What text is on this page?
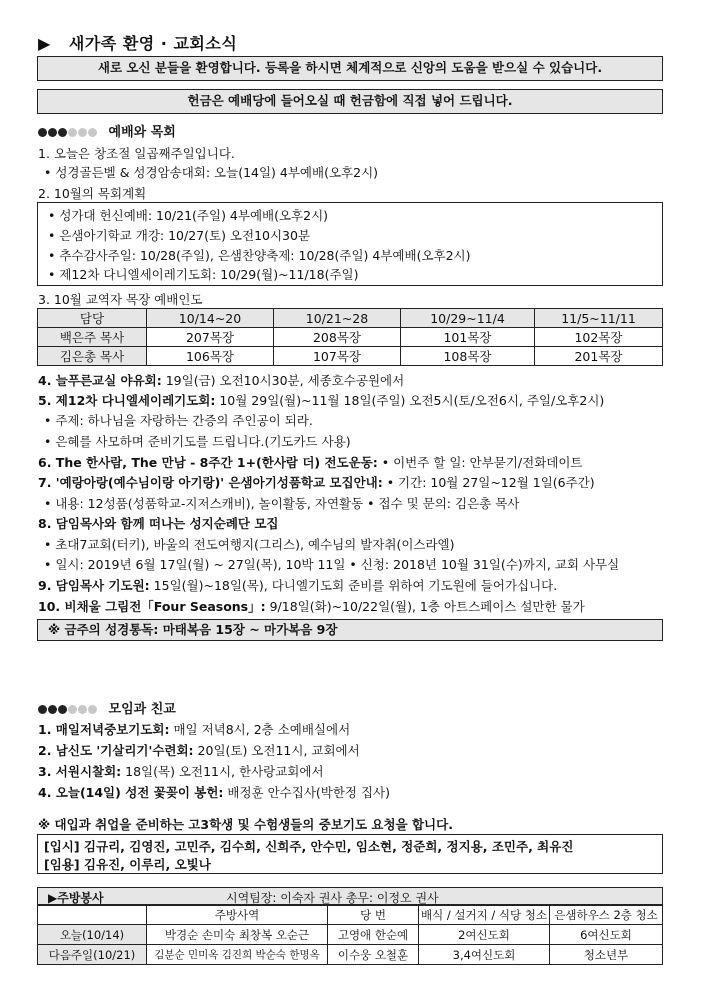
▶ 새가족 환영 · 교회소식
새로 오신 분들을 환영합니다. 등록을 하시면 체계적으로 신앙의 도움을 받으실 수 있습니다.
헌금은 예배당에 들어오실 때 헌금함에 직접 넣어 드립니다.
예배와 목회
1. 오늘은 창조절 일곱째주일입니다.
• 성경골든벨 & 성경암송대회: 오늘(14일) 4부예배(오후2시)
2. 10월의 목회계획
• 성가대 헌신예배: 10/21(주일) 4부예배(오후2시)
• 은샘아기학교 개강: 10/27(토) 오전10시30분
• 추수감사주일: 10/28(주일), 은샘찬양축제: 10/28(주일) 4부예배(오후2시)
• 제12차 다니엘세이레기도회: 10/29(월)~11/18(주일)
3. 10월 교역자 목장 예배인도
담당	10/14~20	10/21~28	10/29~11/4	11/5~11/11
백은주 목사	207목장	208목장	101목장	102목장
김은총 목사	106목장	107목장	108목장	201목장
4. 늘푸른교실 야유회: 19일(금) 오전10시30분, 세종호수공원에서
5. 제12차 다니엘세이레기도회: 10월 29일(월)~11월 18일(주일) 오전5시(토/오전6시, 주일/오후2시)
• 주제: 하나님을 자랑하는 간증의 주인공이 되라.
• 은혜를 사모하며 준비기도를 드립니다.(기도카드 사용)
6. The 한사람, The 만남 - 8주간 1+(한사람 더) 전도운동: • 이번주 할 일: 안부묻기/전화데이트
7. '예랑아랑(예수님이랑 아기랑)' 은샘아기성품학교 모집안내: • 기간: 10월 27일~12월 1일(6주간)
• 내용: 12성품(성품학교-지저스캐비), 놀이활동, 자연활동 • 접수 및 문의: 김은총 목사
8. 담임목사와 함께 떠나는 성지순례단 모집
• 초대7교회(터키), 바울의 전도여행지(그리스), 예수님의 발자취(이스라엘)
• 일시: 2019년 6월 17일(월) ~ 27일(목), 10박 11일 • 신청: 2018년 10월 31일(수)까지, 교회 사무실
9. 담임목사 기도원: 15일(월)~18일(목), 다니엘기도회 준비를 위하여 기도원에 들어가십니다.
10. 비채울 그림전「Four Seasons」: 9/18일(화)~10/22일(월), 1층 아트스페이스 설만한 물가
※ 금주의 성경통독: 마태복음 15장 ~ 마가복음 9장
모임과 친교
1. 매일저녁중보기도회: 매일 저녁8시, 2층 소예배실에서
2. 남신도 '기살리기'수련회: 20일(토) 오전11시, 교회에서
3. 서원시찰회: 18일(목) 오전11시, 한사랑교회에서
4. 오늘(14일) 성전 꽃꽂이 봉헌: 배정훈 안수집사(박한정 집사)
※ 대입과 취업을 준비하는 고3학생 및 수험생들의 중보기도 요청을 합니다.
[입시] 김규리, 김영진, 고민주, 김수희, 신희주, 안수민, 임소현, 정준희, 정지용, 조민주, 최유진
[임용] 김유진, 이루리, 오빛나
▶주방봉사	시역팀장: 이숙자 권사 총무: 이정오 권사
	주방사역	당 번	배식 / 설거지 / 식당 청소	은샘하우스 2층 청소
오늘(10/14)	박경순 손미숙 최창복 오순근	고영애 한순예	2여신도회	6여신도회
다음주일(10/21)	김분순 민미옥 김진희 박순숙 한명옥	이수웅 오철훈	3,4여신도회	청소년부
